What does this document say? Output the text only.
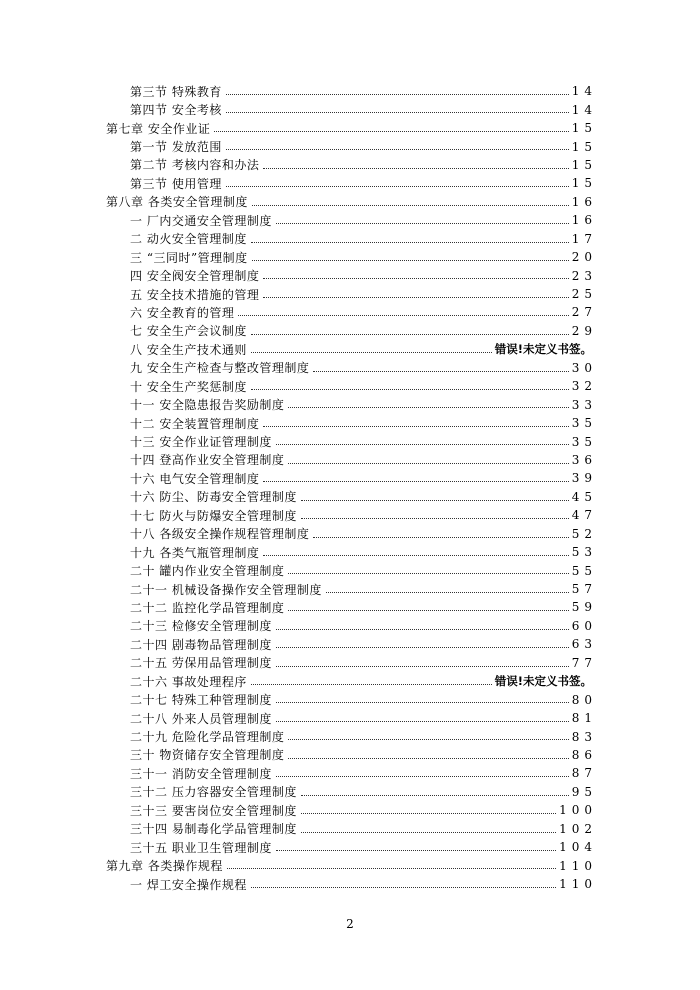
第三节 特殊教育	14
第四节 安全考核	14
第七章 安全作业证	15
第一节 发放范围	15
第二节 考核内容和办法	15
第三节 使用管理	15
第八章 各类安全管理制度	16
一 厂内交通安全管理制度	16
二 动火安全管理制度	17
三 “三同时”管理制度	20
四 安全阀安全管理制度	23
五 安全技术措施的管理	25
六 安全教育的管理	27
七 安全生产会议制度	29
八 安全生产技术通则	错误!未定义书签。
九 安全生产检查与整改管理制度	30
十 安全生产奖惩制度	32
十一 安全隐患报告奖励制度	33
十二 安全装置管理制度	35
十三 安全作业证管理制度	35
十四 登高作业安全管理制度	36
十六 电气安全管理制度	39
十六 防尘、防毒安全管理制度	45
十七 防火与防爆安全管理制度	47
十八 各级安全操作规程管理制度	52
十九 各类气瓶管理制度	53
二十 罐内作业安全管理制度	55
二十一 机械设备操作安全管理制度	57
二十二 监控化学品管理制度	59
二十三 检修安全管理制度	60
二十四 剧毒物品管理制度	63
二十五 劳保用品管理制度	77
二十六 事故处理程序	错误!未定义书签。
二十七 特殊工种管理制度	80
二十八 外来人员管理制度	81
二十九 危险化学品管理制度	83
三十 物资储存安全管理制度	86
三十一 消防安全管理制度	87
三十二 压力容器安全管理制度	95
三十三 要害岗位安全管理制度	100
三十四 易制毒化学品管理制度	102
三十五 职业卫生管理制度	104
第九章 各类操作规程	110
一 焊工安全操作规程	110
2
